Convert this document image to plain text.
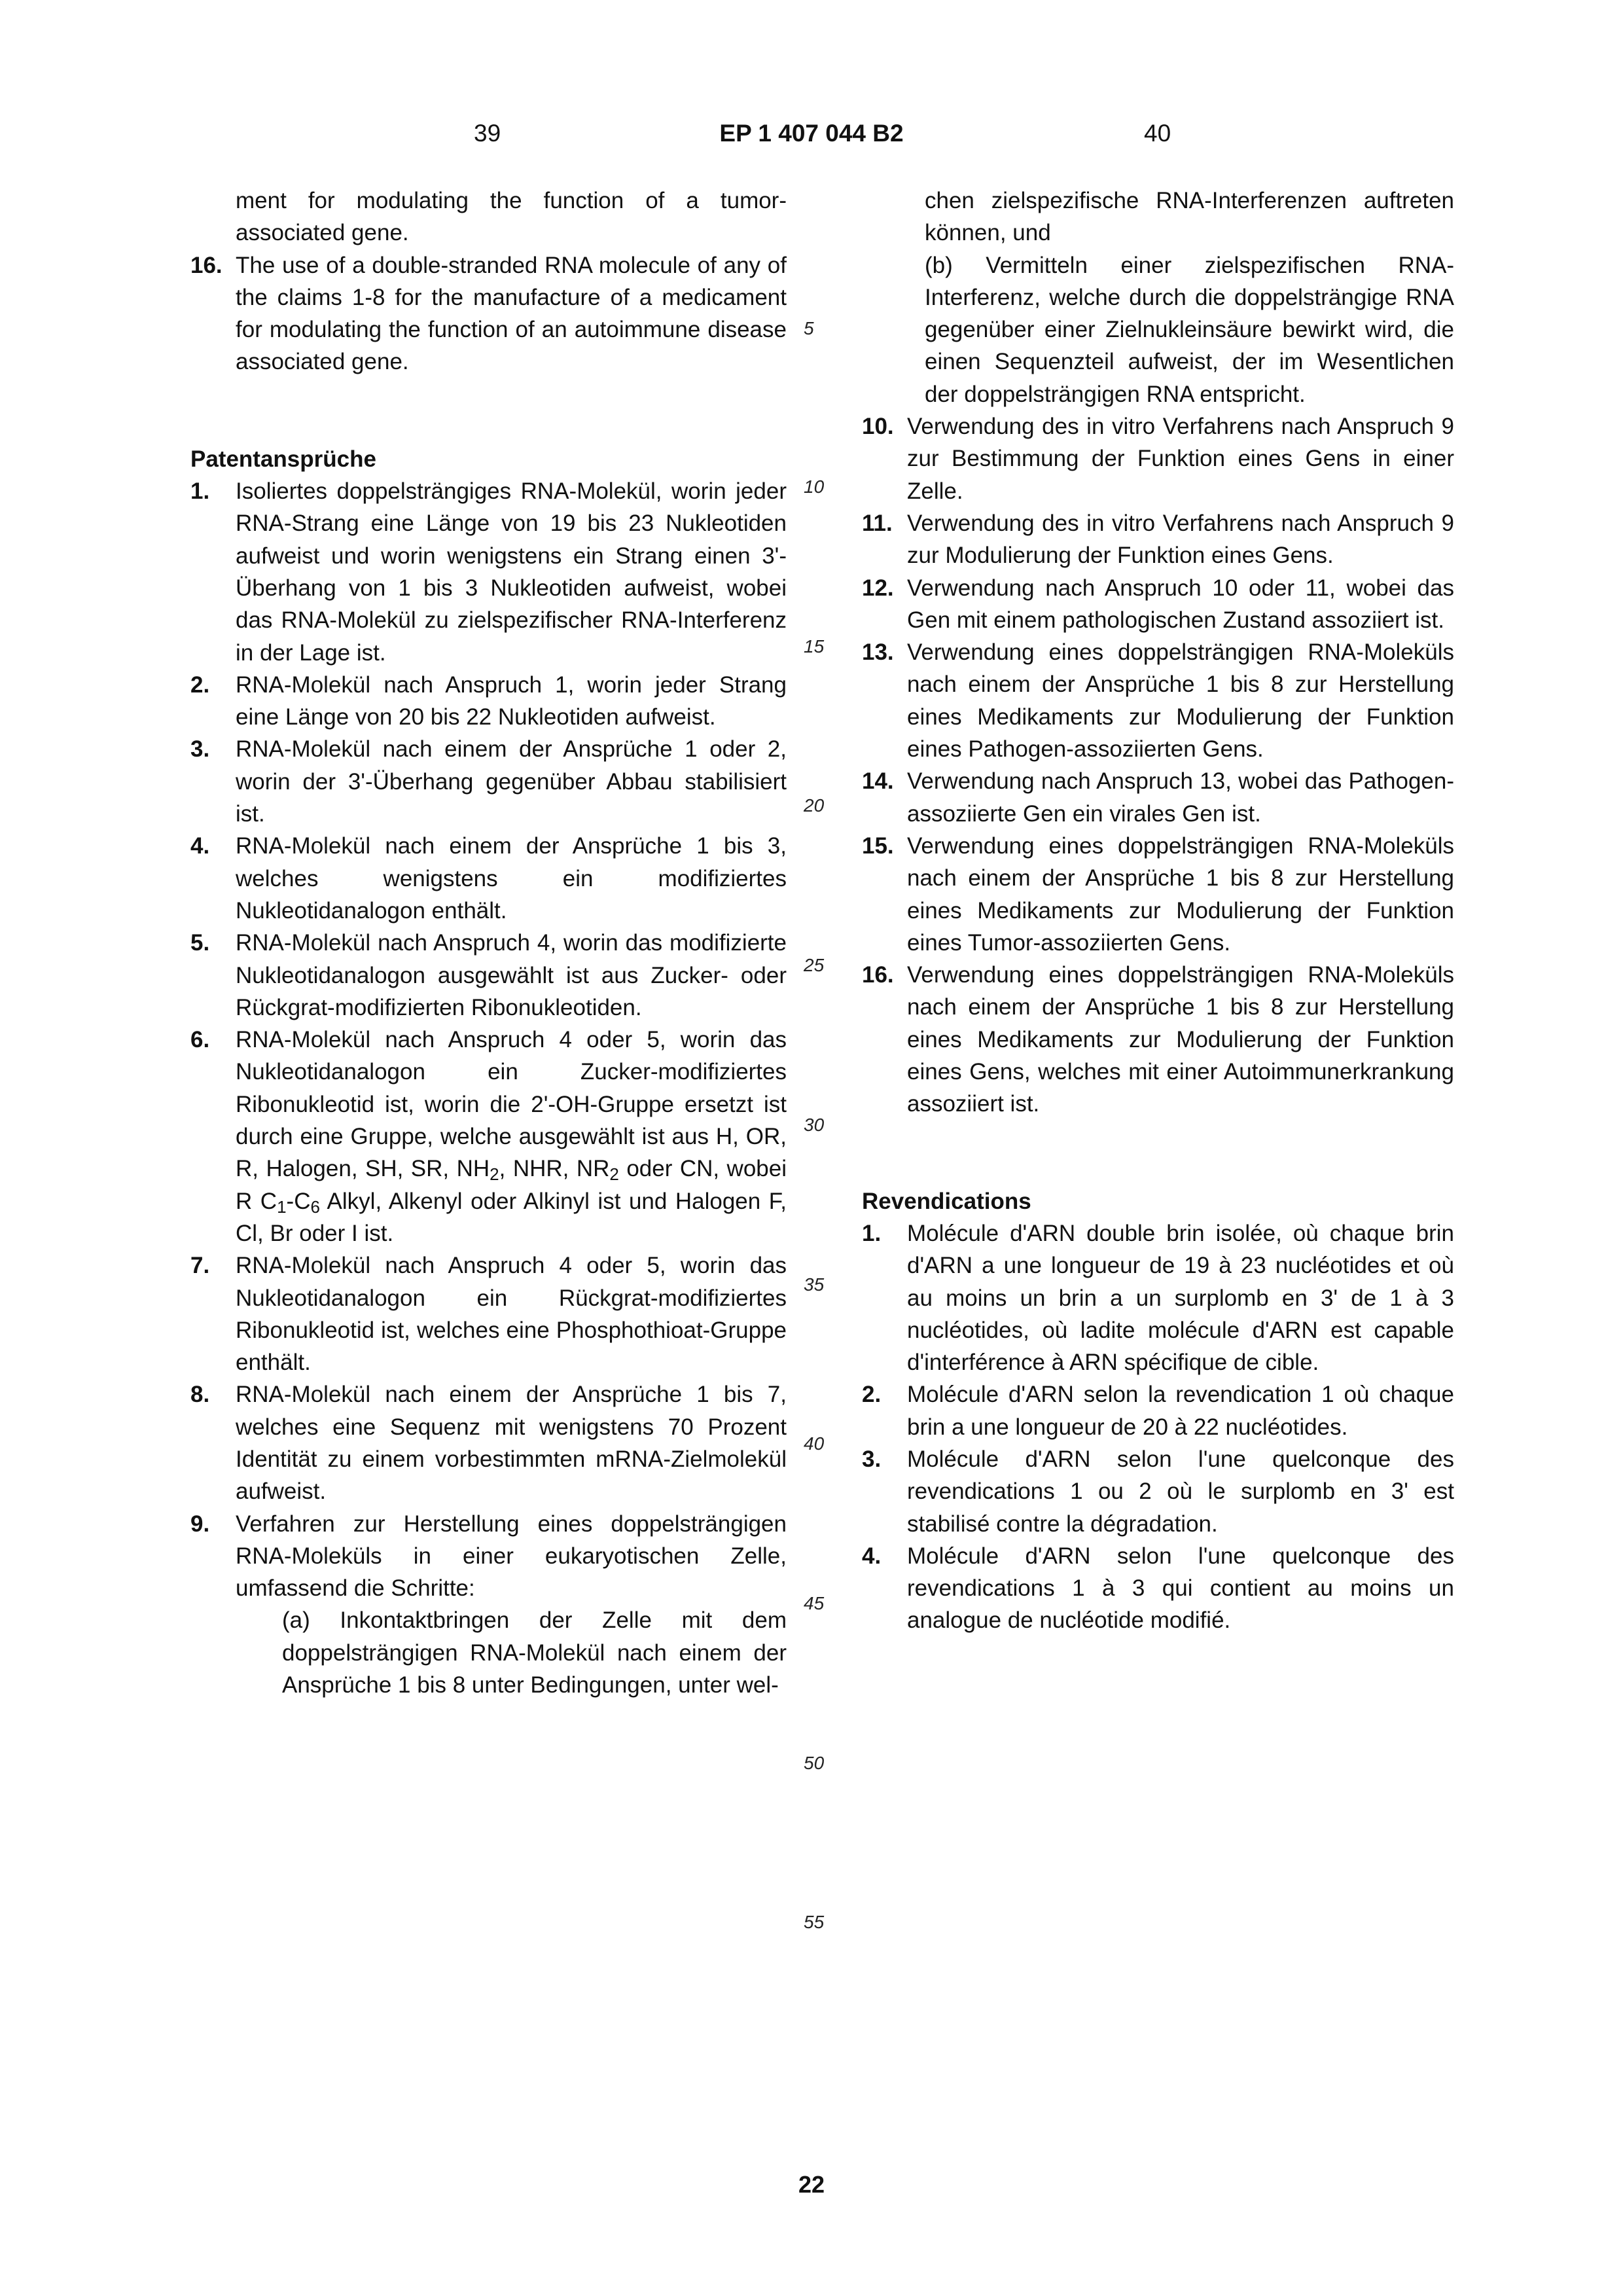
39	EP 1 407 044 B2	40

ment for modulating the function of a tumor-associated gene.

16. The use of a double-stranded RNA molecule of any of the claims 1-8 for the manufacture of a medicament for modulating the function of an autoimmune disease associated gene.

Patentansprüche

1. Isoliertes doppelsträngiges RNA-Molekül, worin jeder RNA-Strang eine Länge von 19 bis 23 Nukleotiden aufweist und worin wenigstens ein Strang einen 3'-Überhang von 1 bis 3 Nukleotiden aufweist, wobei das RNA-Molekül zu zielspezifischer RNA-Interferenz in der Lage ist.

2. RNA-Molekül nach Anspruch 1, worin jeder Strang eine Länge von 20 bis 22 Nukleotiden aufweist.

3. RNA-Molekül nach einem der Ansprüche 1 oder 2, worin der 3'-Überhang gegenüber Abbau stabilisiert ist.

4. RNA-Molekül nach einem der Ansprüche 1 bis 3, welches wenigstens ein modifiziertes Nukleotidanalogon enthält.

5. RNA-Molekül nach Anspruch 4, worin das modifizierte Nukleotidanalogon ausgewählt ist aus Zucker- oder Rückgrat-modifizierten Ribonukleotiden.

6. RNA-Molekül nach Anspruch 4 oder 5, worin das Nukleotidanalogon ein Zucker-modifiziertes Ribonukleotid ist, worin die 2'-OH-Gruppe ersetzt ist durch eine Gruppe, welche ausgewählt ist aus H, OR, R, Halogen, SH, SR, $NH_2$, NHR, $NR_2$ oder CN, wobei R $C_1-C_6$ Alkyl, Alkenyl oder Alkinyl ist und Halogen F, Cl, Br oder I ist.

7. RNA-Molekül nach Anspruch 4 oder 5, worin das Nukleotidanalogon ein Rückgrat-modifiziertes Ribonukleotid ist, welches eine Phosphothioat-Gruppe enthält.

8. RNA-Molekül nach einem der Ansprüche 1 bis 7, welches eine Sequenz mit wenigstens 70 Prozent Identität zu einem vorbestimmten mRNA-Zielmolekül aufweist.

9. Verfahren zur Herstellung eines doppelsträngigen RNA-Moleküls in einer eukaryotischen Zelle, umfassend die Schritte:

(a) Inkontaktbringen der Zelle mit dem doppelsträngigen RNA-Molekül nach einem der Ansprüche 1 bis 8 unter Bedingungen, unter wel-

5
10
15
20
25
30
35
40
45
50
55

chen zielspezifische RNA-Interferenzen auftreten können, und

(b) Vermitteln einer zielspezifischen RNA-Interferenz, welche durch die doppelsträngige RNA gegenüber einer Zielnukleinsäure bewirkt wird, die einen Sequenzteil aufweist, der im Wesentlichen der doppelsträngigen RNA entspricht.

10. Verwendung des in vitro Verfahrens nach Anspruch 9 zur Bestimmung der Funktion eines Gens in einer Zelle.

11. Verwendung des in vitro Verfahrens nach Anspruch 9 zur Modulierung der Funktion eines Gens.

12. Verwendung nach Anspruch 10 oder 11, wobei das Gen mit einem pathologischen Zustand assoziiert ist.

13. Verwendung eines doppelsträngigen RNA-Moleküls nach einem der Ansprüche 1 bis 8 zur Herstellung eines Medikaments zur Modulierung der Funktion eines Pathogen-assoziierten Gens.

14. Verwendung nach Anspruch 13, wobei das Pathogen-assoziierte Gen ein virales Gen ist.

15. Verwendung eines doppelsträngigen RNA-Moleküls nach einem der Ansprüche 1 bis 8 zur Herstellung eines Medikaments zur Modulierung der Funktion eines Tumor-assoziierten Gens.

16. Verwendung eines doppelsträngigen RNA-Moleküls nach einem der Ansprüche 1 bis 8 zur Herstellung eines Medikaments zur Modulierung der Funktion eines Gens, welches mit einer Autoimmunerkrankung assoziiert ist.

Revendications

1. Molécule d'ARN double brin isolée, où chaque brin d'ARN a une longueur de 19 à 23 nucléotides et où au moins un brin a un surplomb en 3' de 1 à 3 nucléotides, où ladite molécule d'ARN est capable d'interférence à ARN spécifique de cible.

2. Molécule d'ARN selon la revendication 1 où chaque brin a une longueur de 20 à 22 nucléotides.

3. Molécule d'ARN selon l'une quelconque des revendications 1 ou 2 où le surplomb en 3' est stabilisé contre la dégradation.

4. Molécule d'ARN selon l'une quelconque des revendications 1 à 3 qui contient au moins un analogue de nucléotide modifié.

22
